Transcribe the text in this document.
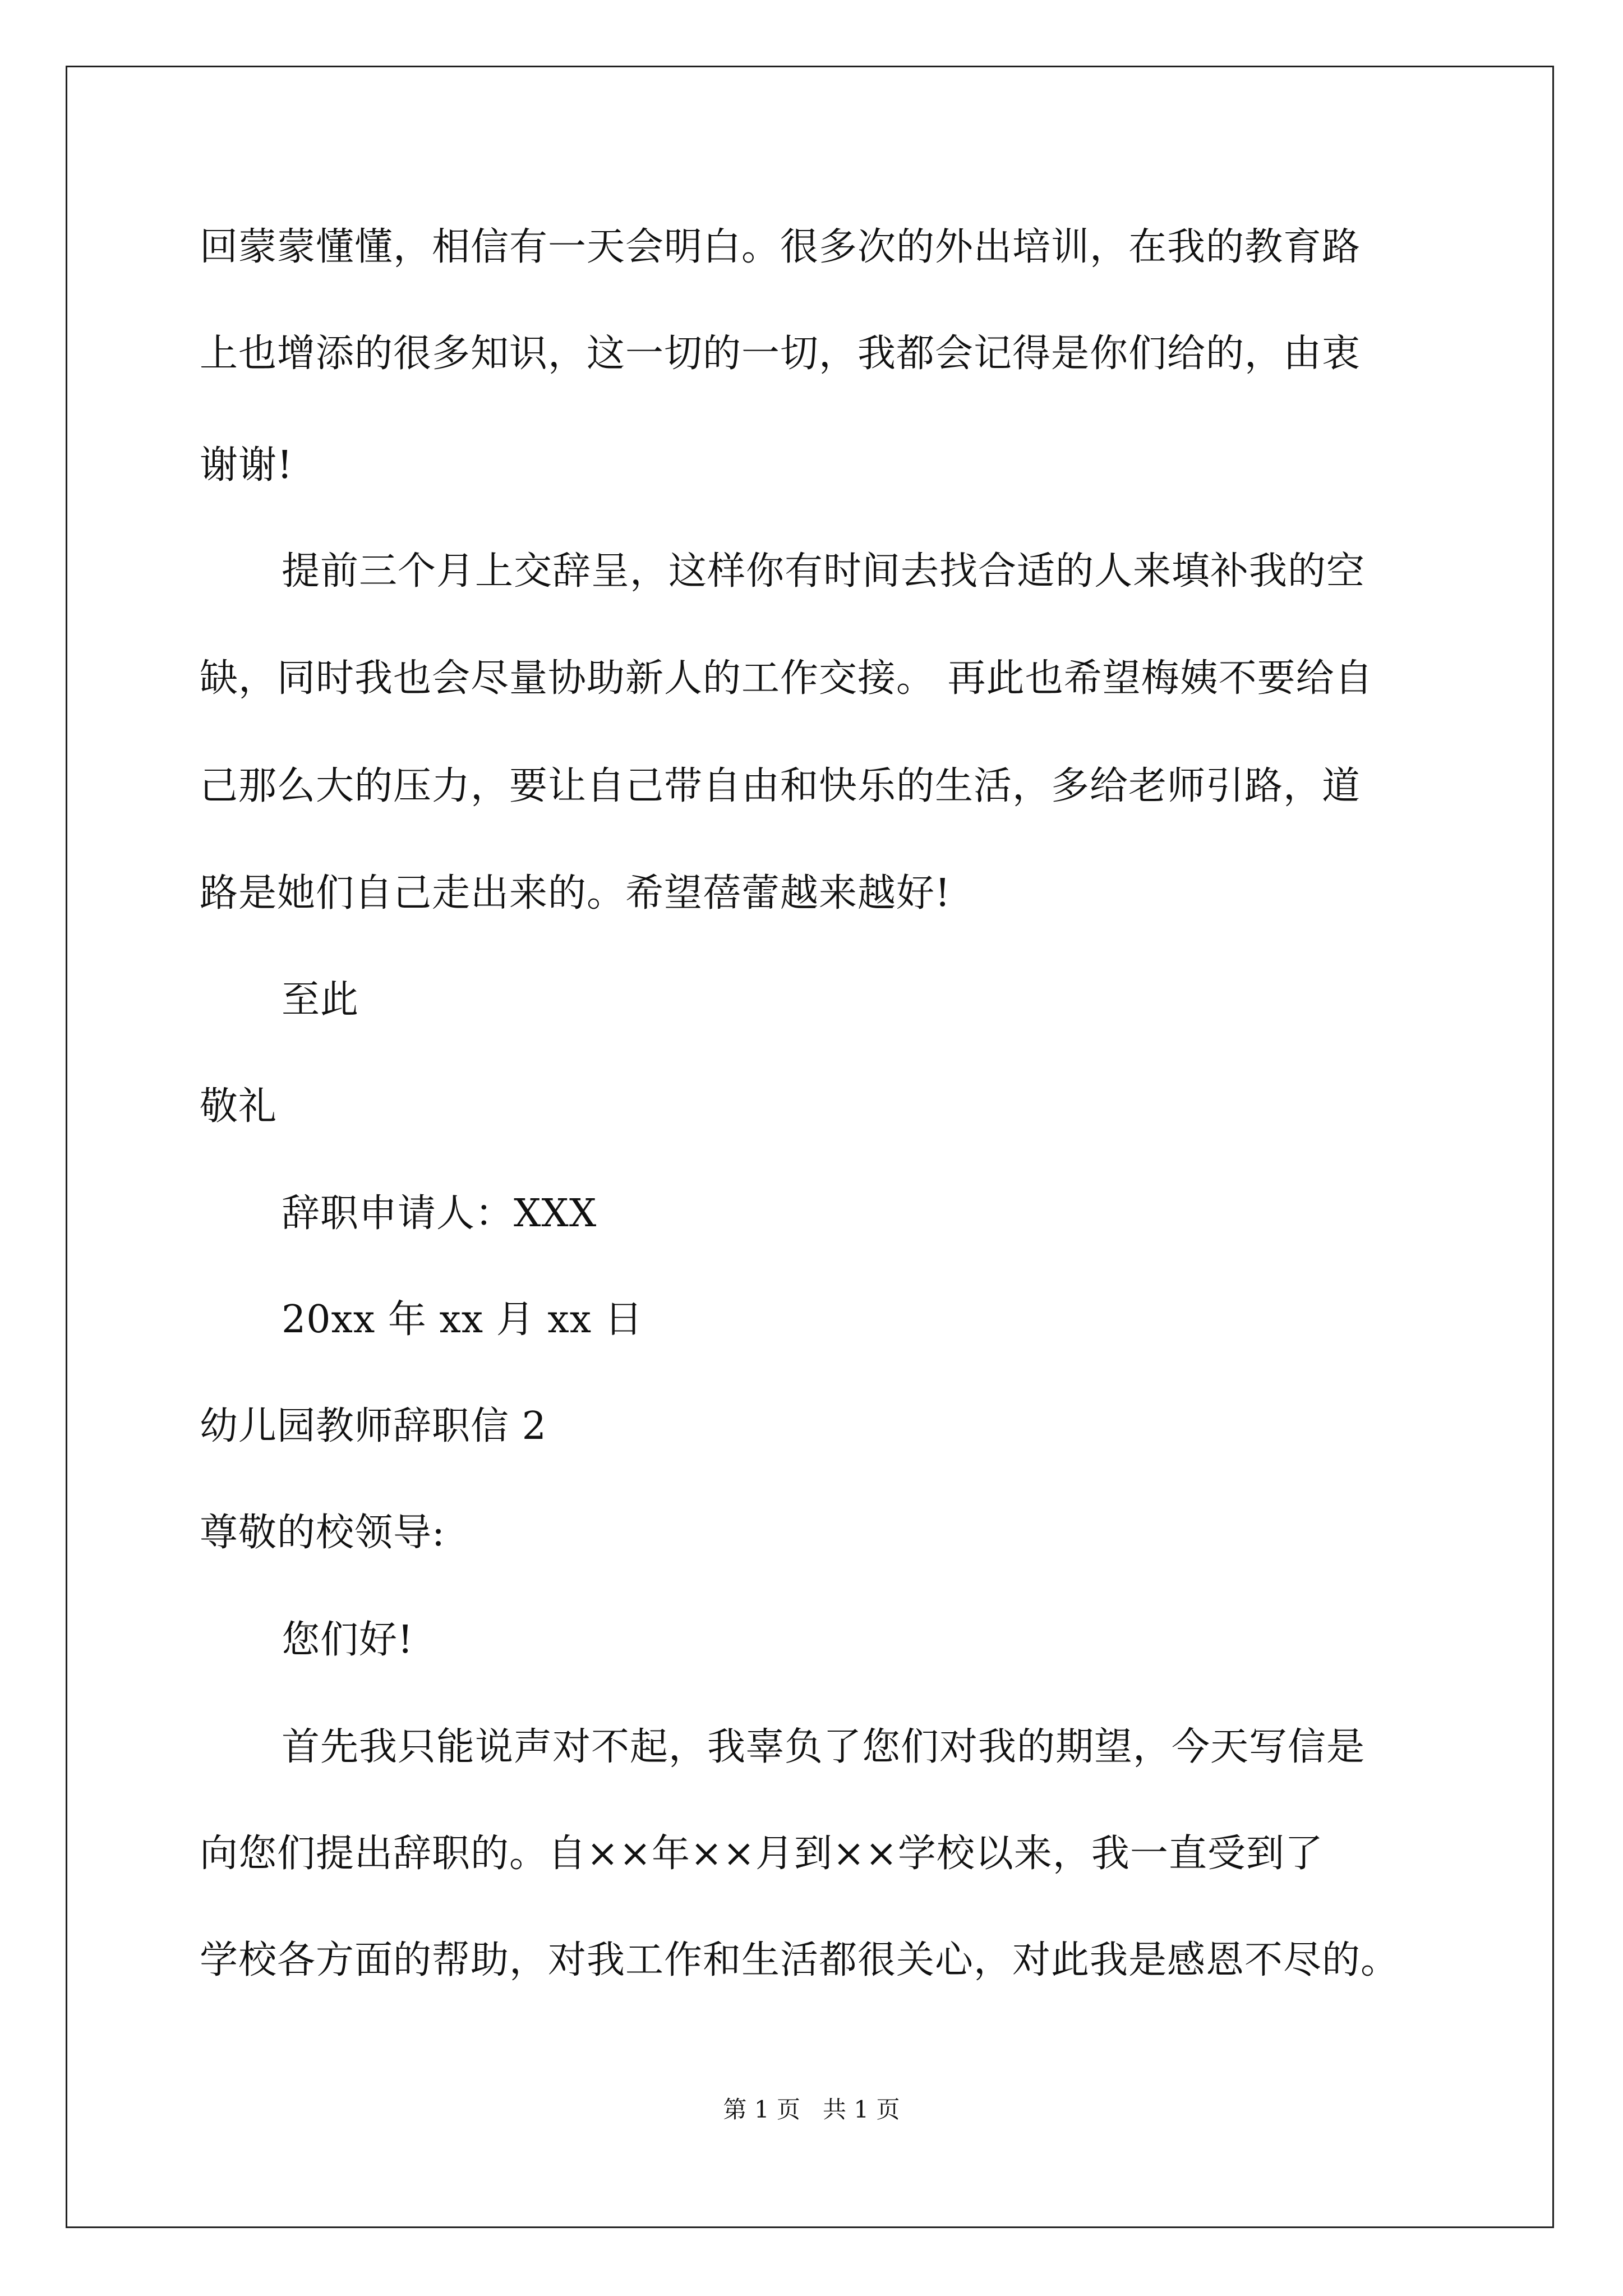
回蒙蒙懂懂，相信有一天会明白。很多次的外出培训，在我的教育路

上也增添的很多知识，这一切的一切，我都会记得是你们给的，由衷

谢谢!

提前三个月上交辞呈，这样你有时间去找合适的人来填补我的空

缺，同时我也会尽量协助新人的工作交接。 再此也希望梅姨不要给自

己那么大的压力，要让自己带自由和快乐的生活，多给老师引路，道

路是她们自己走出来的。希望蓓蕾越来越好!

至此

敬礼

辞职申请人：XXX

20xx 年 xx 月 xx 日

幼儿园教师辞职信 2

尊敬的校领导:

您们好!

首先我只能说声对不起，我辜负了您们对我的期望，今天写信是

向您们提出辞职的。自××年××月到××学校以来，我一直受到了

学校各方面的帮助，对我工作和生活都很关心，对此我是感恩不尽的。

第 1 页   共 1 页
